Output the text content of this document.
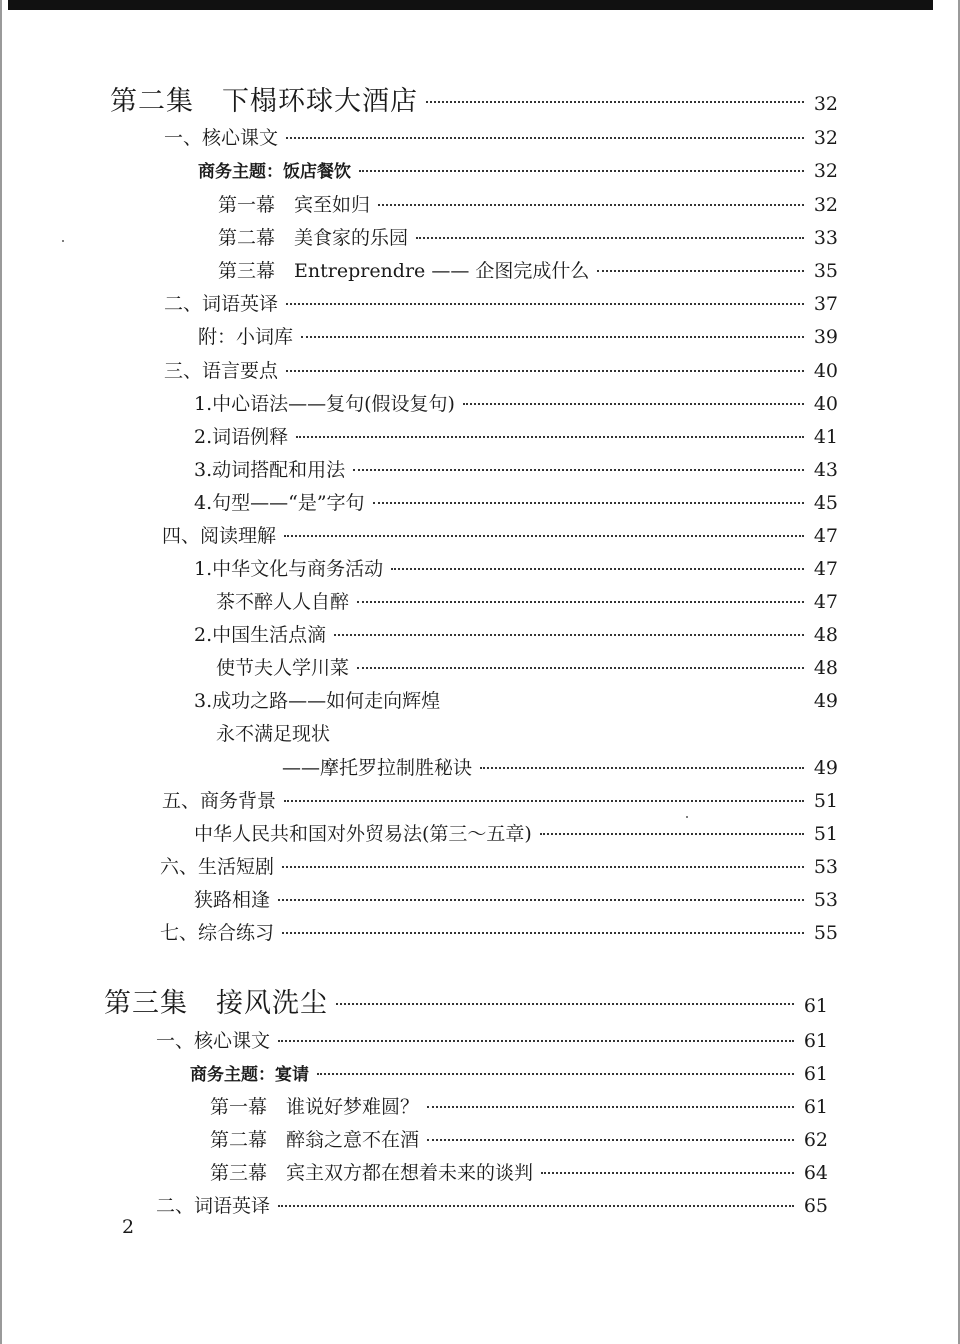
第二集　下榻环球大酒店	32
一、核心课文	32
商务主题：饭店餐饮	32
第一幕　宾至如归	32
第二幕　美食家的乐园	33
第三幕　Entreprendre —— 企图完成什么	35
二、词语英译	37
附：小词库	39
三、语言要点	40
1.中心语法——复句(假设复句)	40
2.词语例释	41
3.动词搭配和用法	43
4.句型——“是”字句	45
四、阅读理解	47
1.中华文化与商务活动	47
茶不醉人人自醉	47
2.中国生活点滴	48
使节夫人学川菜	48
3.成功之路——如何走向辉煌	49
永不满足现状
——摩托罗拉制胜秘诀	49
五、商务背景	51
中华人民共和国对外贸易法(第三～五章)	51
六、生活短剧	53
狭路相逢	53
七、综合练习	55
第三集　接风洗尘	61
一、核心课文	61
商务主题：宴请	61
第一幕　谁说好梦难圆？	61
第二幕　醉翁之意不在酒	62
第三幕　宾主双方都在想着未来的谈判	64
二、词语英译	65
2
